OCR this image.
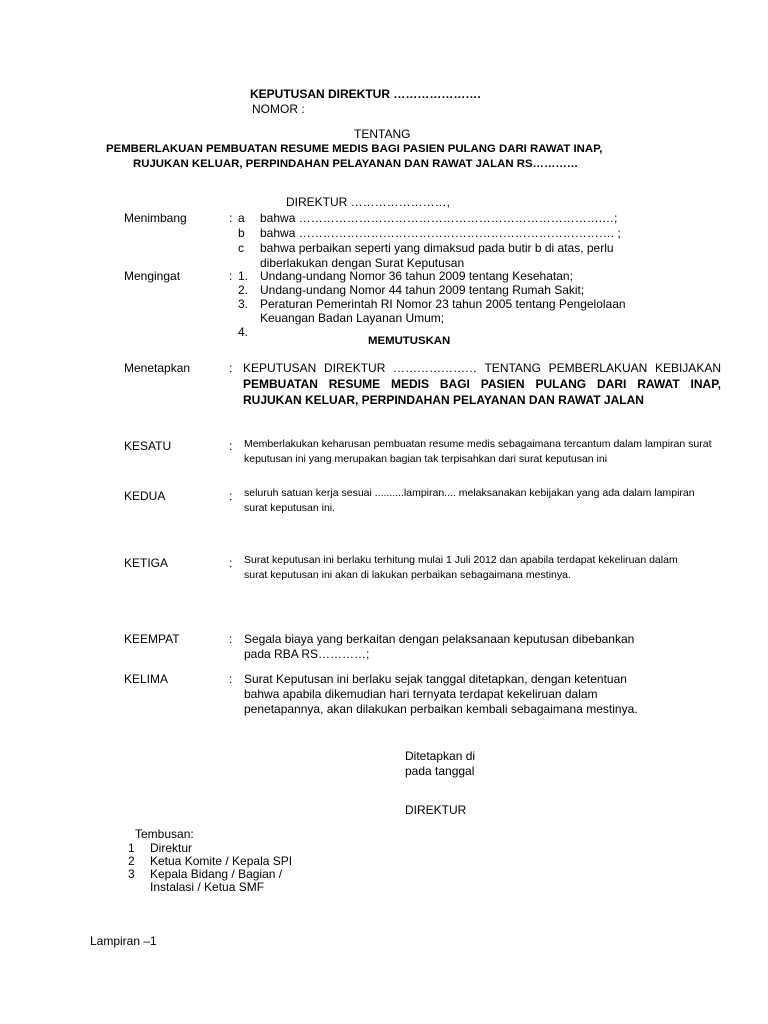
KEPUTUSAN DIREKTUR ………………….
NOMOR :
TENTANG
PEMBERLAKUAN PEMBUATAN RESUME MEDIS BAGI PASIEN PULANG DARI RAWAT INAP,
RUJUKAN KELUAR, PERPINDAHAN PELAYANAN DAN RAWAT JALAN RS…………
DIREKTUR ……………………,
Menimbang	: a bahwa ………………………………………………………………….…;
b bahwa ……………………………………………………………………. ;
c bahwa perbaikan seperti yang dimaksud pada butir b di atas, perlu
diberlakukan dengan Surat Keputusan
Mengingat	: 1. Undang-undang Nomor 36 tahun 2009 tentang Kesehatan;
2. Undang-undang Nomor 44 tahun 2009 tentang Rumah Sakit;
3. Peraturan Pemerintah RI Nomor 23 tahun 2005 tentang Pengelolaan
Keuangan Badan Layanan Umum;
4.
MEMUTUSKAN
Menetapkan	: KEPUTUSAN DIREKTUR ………………… TENTANG PEMBERLAKUAN KEBIJAKAN PEMBUATAN RESUME MEDIS BAGI PASIEN PULANG DARI RAWAT INAP, RUJUKAN KELUAR, PERPINDAHAN PELAYANAN DAN RAWAT JALAN
KESATU	: Memberlakukan keharusan pembuatan resume medis sebagaimana tercantum dalam lampiran surat keputusan ini yang merupakan bagian tak terpisahkan dari surat keputusan ini
KEDUA	: seluruh satuan kerja sesuai ..........lampiran.... melaksanakan kebijakan yang ada dalam lampiran surat keputusan ini.
KETIGA	: Surat keputusan ini berlaku terhitung mulai 1 Juli 2012 dan apabila terdapat kekeliruan dalam surat keputusan ini akan di lakukan perbaikan sebagaimana mestinya.
KEEMPAT	: Segala biaya yang berkaitan dengan pelaksanaan keputusan dibebankan
pada RBA RS…………;
KELIMA	: Surat Keputusan ini berlaku sejak tanggal ditetapkan, dengan ketentuan
bahwa apabila dikemudian hari ternyata terdapat kekeliruan dalam
penetapannya, akan dilakukan perbaikan kembali sebagaimana mestinya.
Ditetapkan di
pada tanggal
DIREKTUR
Tembusan:
1 Direktur
2 Ketua Komite / Kepala SPI
3 Kepala Bidang / Bagian /
Instalasi / Ketua SMF
Lampiran –1
